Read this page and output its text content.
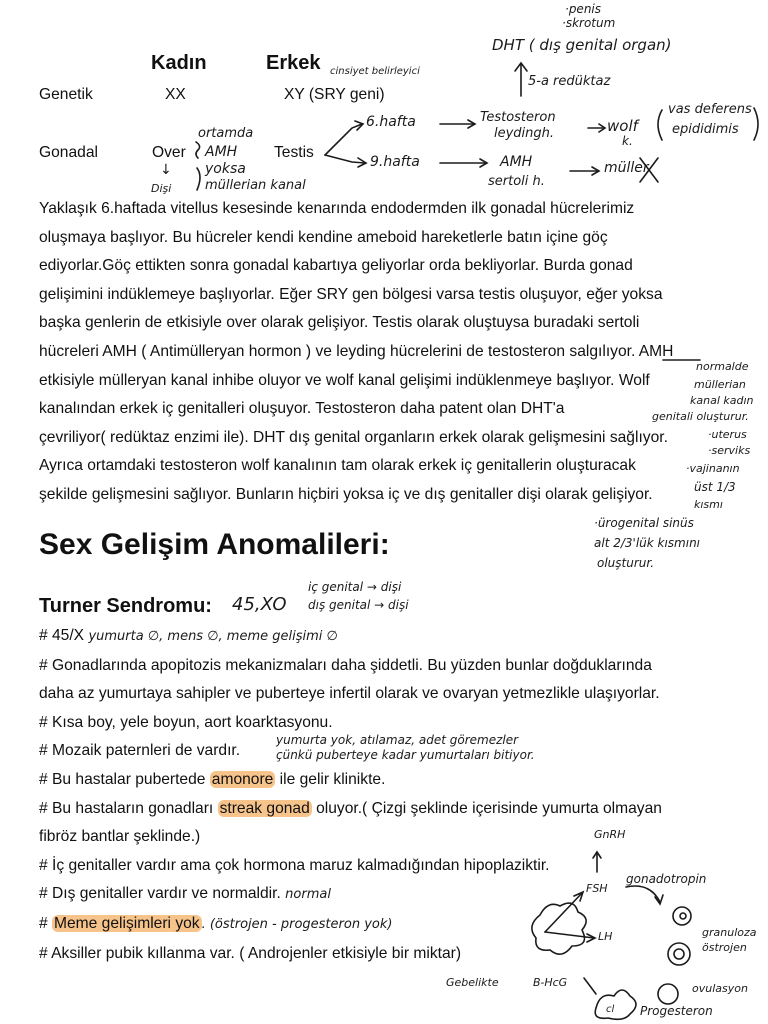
Kadın	Erkek
Genetik	XX	XY (SRY geni)
Gonadal	Over	Testis
·penis
·skrotum
DHT ( dış genital organ)
cinsiyet belirleyici
5-a redüktaz
6.hafta	Testosteron
leydingh.	wolf
k.
vas deferens
epididimis
9.hafta	AMH
sertoli h.
müller
ortamda
AMH
yoksa
müllerian kanal
↓
Dişi
Yaklaşık 6.haftada vitellus kesesinde kenarında endodermden ilk gonadal hücrelerimiz
oluşmaya başlıyor. Bu hücreler kendi kendine ameboid hareketlerle batın içine göç
ediyorlar.Göç ettikten sonra gonadal kabartıya geliyorlar orda bekliyorlar. Burda gonad
gelişimini indüklemeye başlıyorlar. Eğer SRY gen bölgesi varsa testis oluşuyor, eğer yoksa
başka genlerin de etkisiyle over olarak gelişiyor. Testis olarak oluştuysa buradaki sertoli
hücreleri AMH ( Antimülleryan hormon ) ve leyding hücrelerini de testosteron salgılıyor. AMH
etkisiyle mülleryan kanal inhibe oluyor ve wolf kanal gelişimi indüklenmeye başlıyor. Wolf
kanalından erkek iç genitalleri oluşuyor. Testosteron daha patent olan DHT'a
çevriliyor( redüktaz enzimi ile). DHT dış genital organların erkek olarak gelişmesini sağlıyor.
Ayrıca ortamdaki testosteron wolf kanalının tam olarak erkek iç genitallerin oluşturacak
şekilde gelişmesini sağlıyor. Bunların hiçbiri yoksa iç ve dış genitaller dişi olarak gelişiyor.
normalde
müllerian
kanal kadın
genitali oluşturur.
·uterus
·serviks
·vajinanın
üst 1/3
kısmı
·ürogenital sinüs
alt 2/3'lük kısmını
oluşturur.
Sex Gelişim Anomalileri:
Turner Sendromu: 45,XO
iç genital → dişi
dış genital → dişi
# 45/X yumurta ∅, mens ∅, meme gelişimi ∅
# Gonadlarında apopitozis mekanizmaları daha şiddetli. Bu yüzden bunlar doğduklarında
daha az yumurtaya sahipler ve puberteye infertil olarak ve ovaryan yetmezlikle ulaşıyorlar.
# Kısa boy, yele boyun, aort koarktasyonu.
# Mozaik paternleri de vardır.
# Bu hastalar pubertede amonore ile gelir klinikte.
# Bu hastaların gonadları streak gonad oluyor.( Çizgi şeklinde içerisinde yumurta olmayan
fibröz bantlar şeklinde.)
# İç genitaller vardır ama çok hormona maruz kalmadığından hipoplaziktir.
# Dış genitaller vardır ve normaldir. normal
# Meme gelişimleri yok . (östrojen - progesteron yok)
# Aksiller pubik kıllanma var. ( Androjenler etkisiyle bir miktar)
yumurta yok, atılamaz, adet göremezler
çünkü puberteye kadar yumurtaları bitiyor.
GnRH
gonadotropin
FSH
LH	granuloza
östrojen
ovulasyon
Gebelikte	B-HcG
cl Progesteron
